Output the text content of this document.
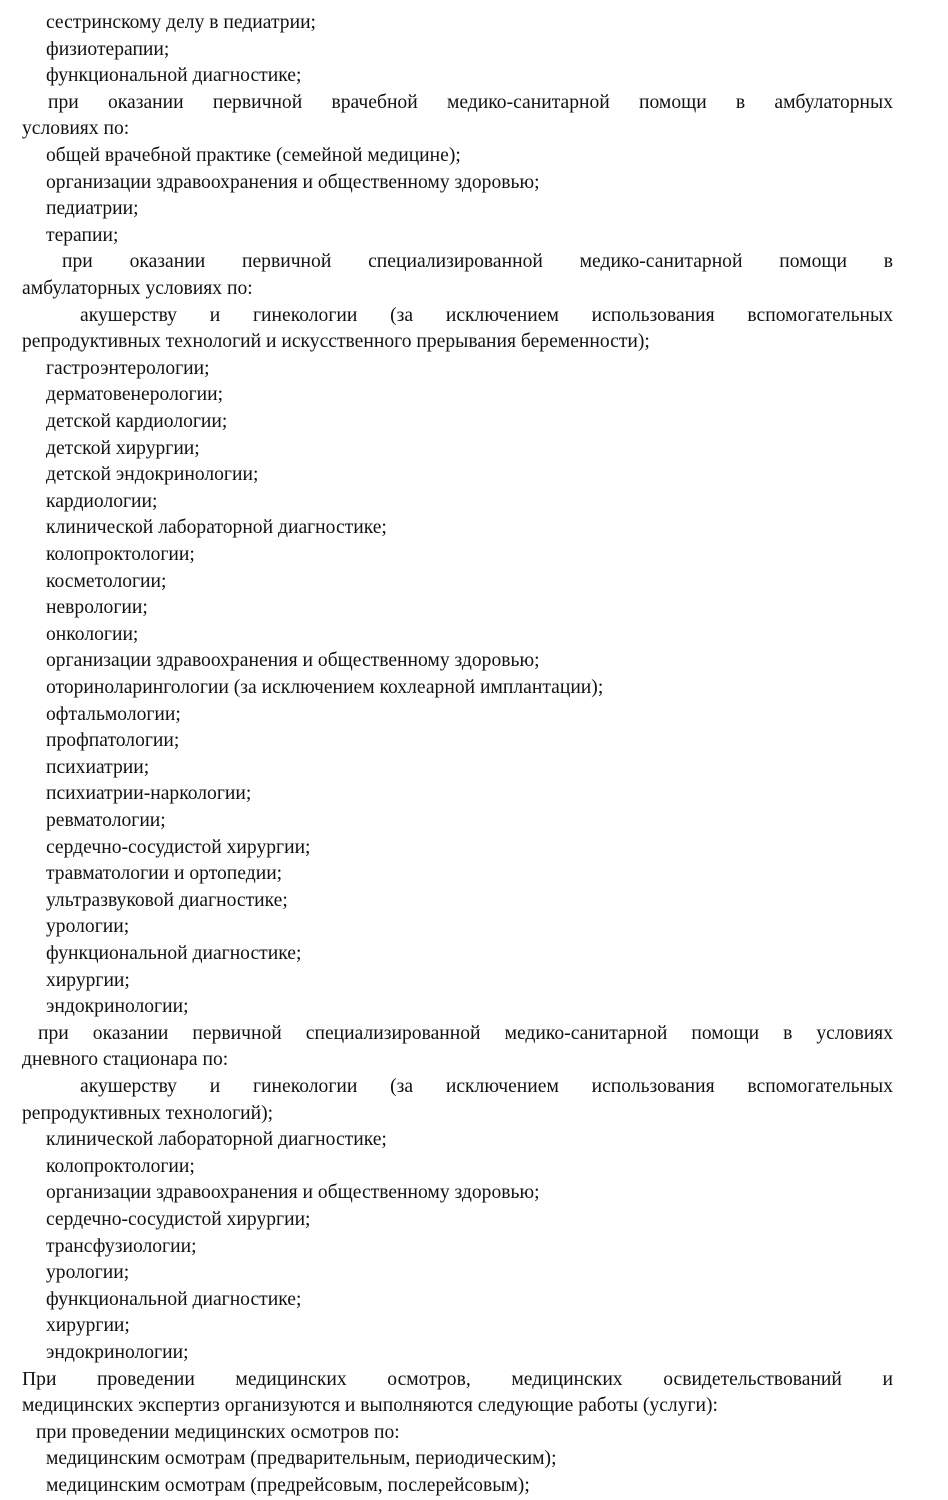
сестринскому делу в педиатрии;

физиотерапии;

функциональной диагностике;

при оказании первичной врачебной медико-санитарной помощи в амбулаторных

условиях по:

общей врачебной практике (семейной медицине);

организации здравоохранения и общественному здоровью;

педиатрии;

терапии;

при оказании первичной специализированной медико-санитарной помощи в

амбулаторных условиях по:

акушерству и гинекологии (за исключением использования вспомогательных

репродуктивных технологий и искусственного прерывания беременности);

гастроэнтерологии;

дерматовенерологии;

детской кардиологии;

детской хирургии;

детской эндокринологии;

кардиологии;

клинической лабораторной диагностике;

колопроктологии;

косметологии;

неврологии;

онкологии;

организации здравоохранения и общественному здоровью;

оториноларингологии (за исключением кохлеарной имплантации);

офтальмологии;

профпатологии;

психиатрии;

психиатрии-наркологии;

ревматологии;

сердечно-сосудистой хирургии;

травматологии и ортопедии;

ультразвуковой диагностике;

урологии;

функциональной диагностике;

хирургии;

эндокринологии;

при оказании первичной специализированной медико-санитарной помощи в условиях

дневного стационара по:

акушерству и гинекологии (за исключением использования вспомогательных

репродуктивных технологий);

клинической лабораторной диагностике;

колопроктологии;

организации здравоохранения и общественному здоровью;

сердечно-сосудистой хирургии;

трансфузиологии;

урологии;

функциональной диагностике;

хирургии;

эндокринологии;

При проведении медицинских осмотров, медицинских освидетельствований и

медицинских экспертиз организуются и выполняются следующие работы (услуги):

при проведении медицинских осмотров по:

медицинским осмотрам (предварительным, периодическим);

медицинским осмотрам (предрейсовым, послерейсовым);
